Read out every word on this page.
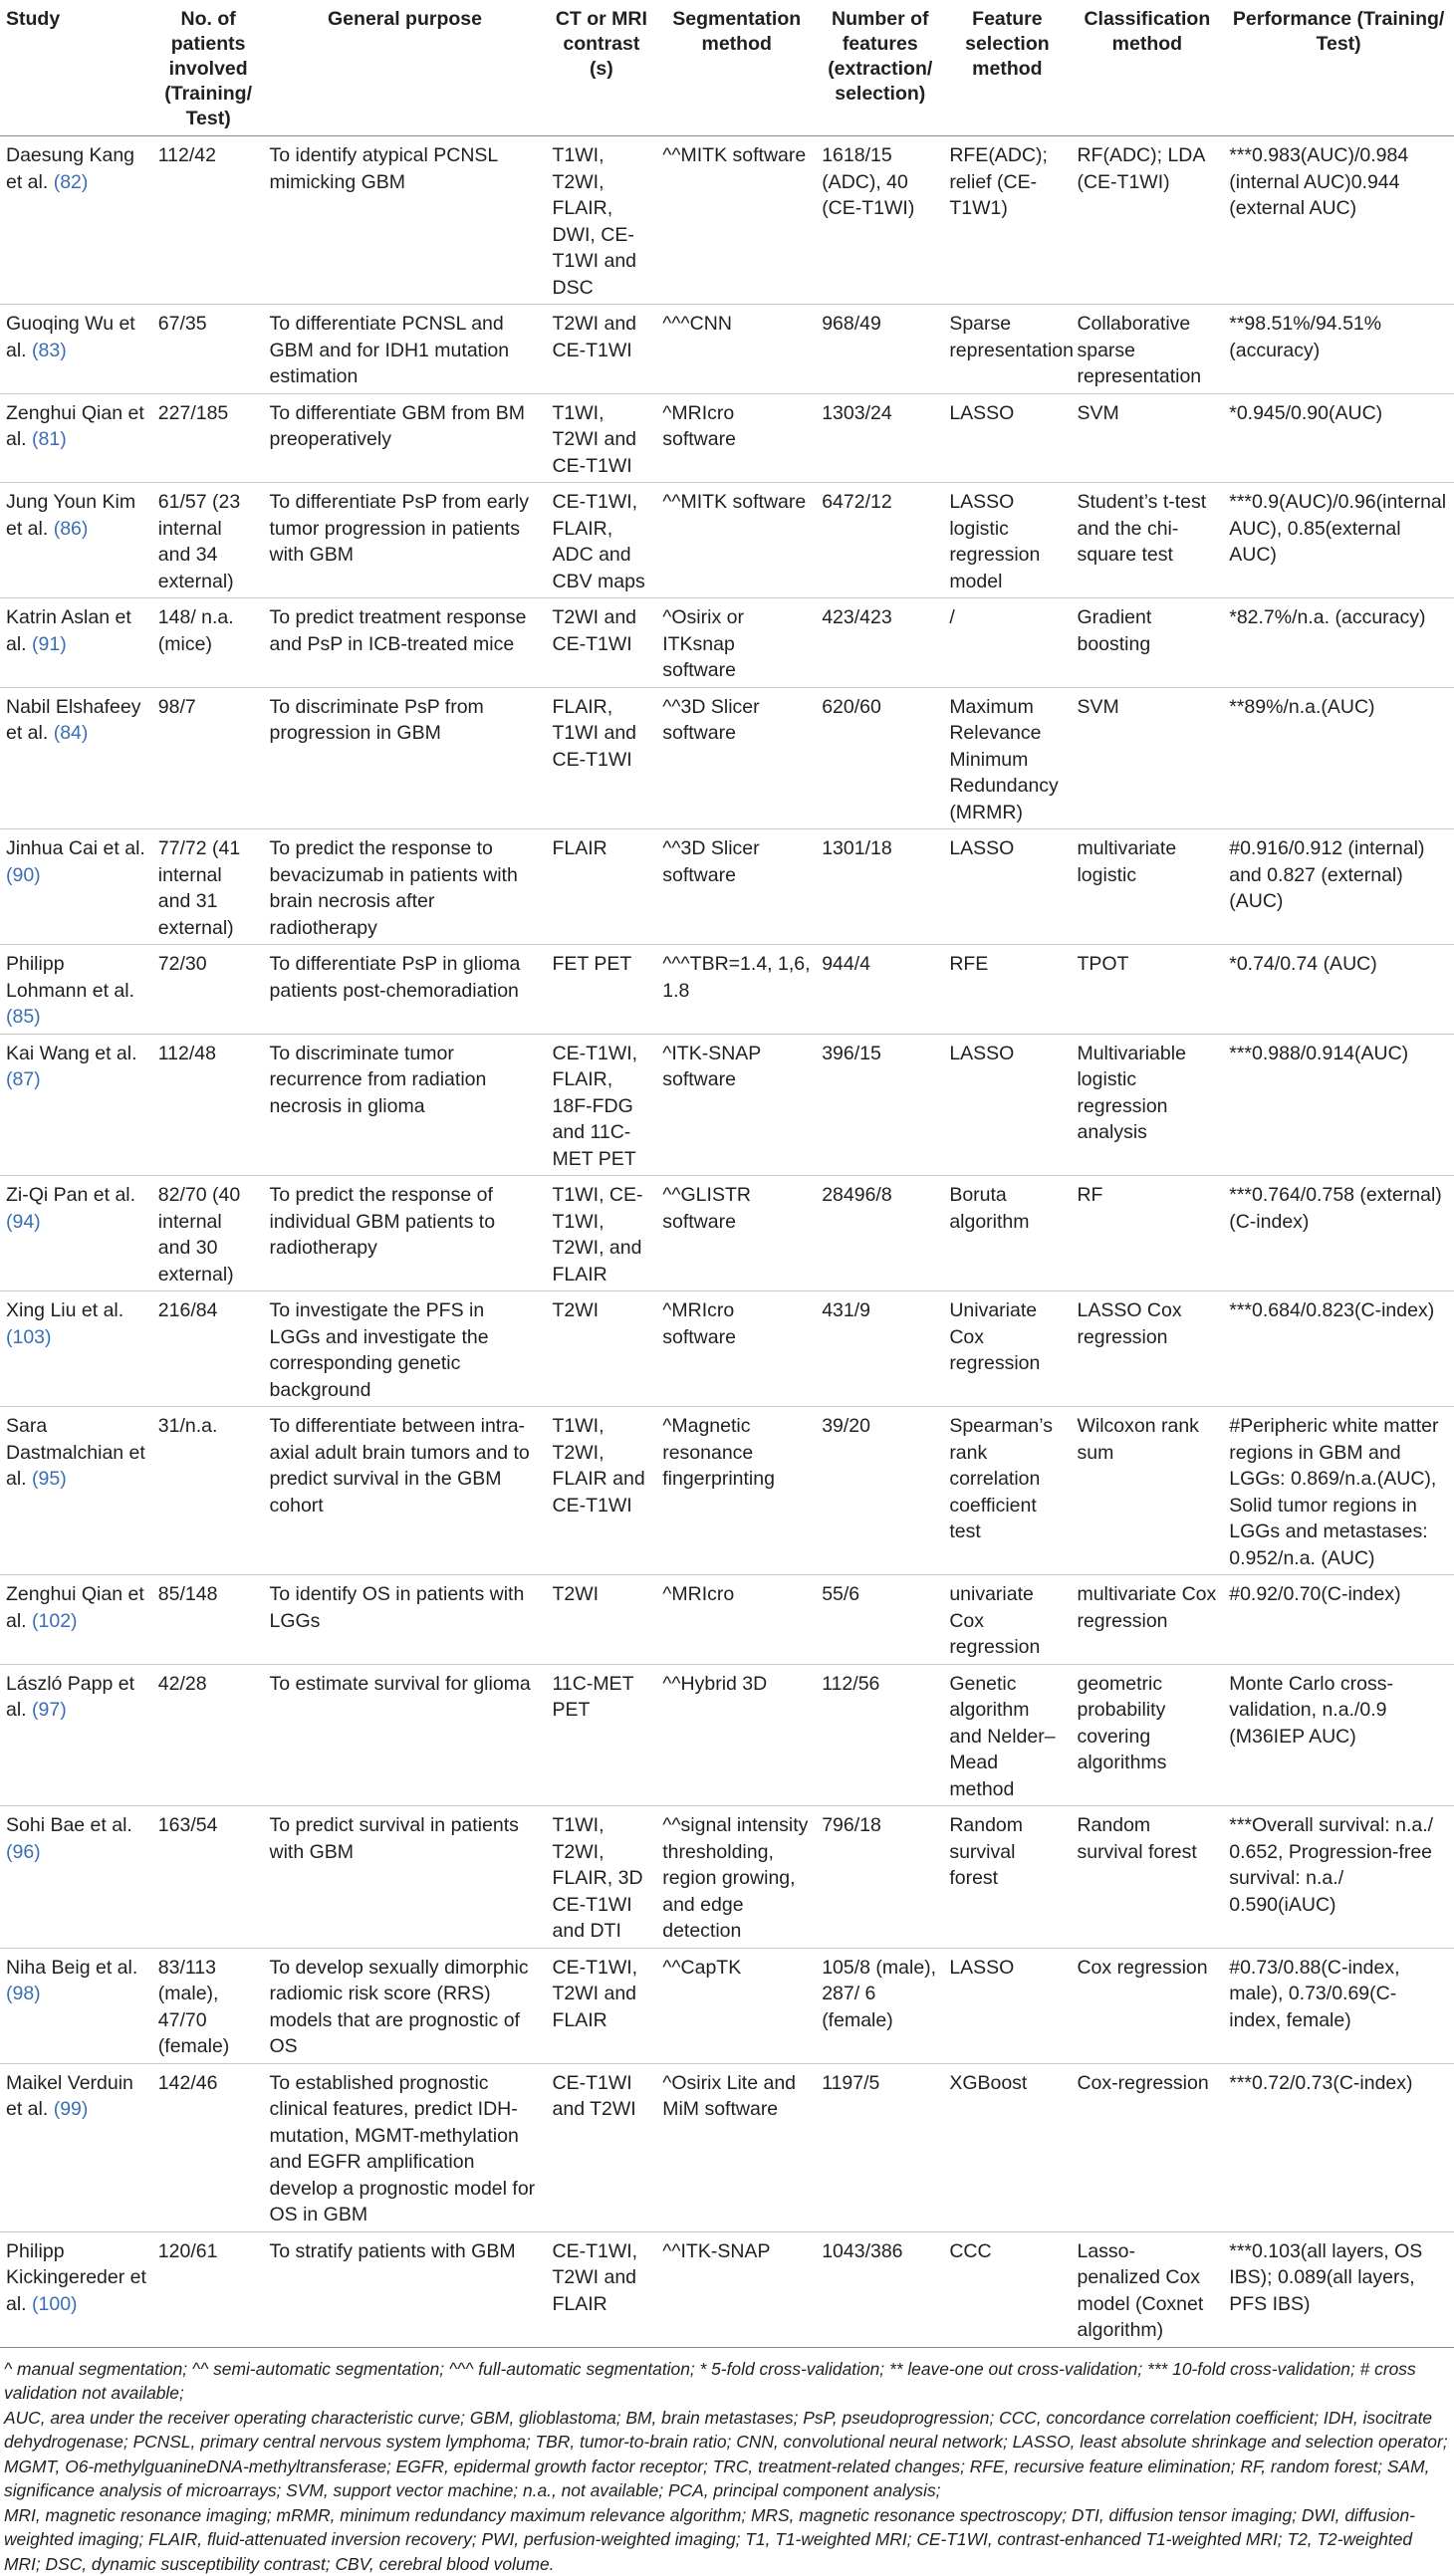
Study	No. of patients involved (Training/ Test)	General purpose	CT or MRI contrast (s)	Segmentation method	Number of features (extraction/ selection)	Feature selection method	Classification method	Performance (Training/ Test)
Daesung Kang et al. (82)	112/42	To identify atypical PCNSL mimicking GBM	T1WI, T2WI, FLAIR, DWI, CE-T1WI and DSC	^^MITK software	1618/15 (ADC), 40 (CE-T1WI)	RFE(ADC); relief (CE-T1W1)	RF(ADC); LDA (CE-T1WI)	***0.983(AUC)/0.984 (internal AUC)0.944 (external AUC)
Guoqing Wu et al. (83)	67/35	To differentiate PCNSL and GBM and for IDH1 mutation estimation	T2WI and CE-T1WI	^^^CNN	968/49	Sparse representation	Collaborative sparse representation	**98.51%/94.51% (accuracy)
Zenghui Qian et al. (81)	227/185	To differentiate GBM from BM preoperatively	T1WI, T2WI and CE-T1WI	^MRIcro software	1303/24	LASSO	SVM	*0.945/0.90(AUC)
Jung Youn Kim et al. (86)	61/57 (23 internal and 34 external)	To differentiate PsP from early tumor progression in patients with GBM	CE-T1WI, FLAIR, ADC and CBV maps	^^MITK software	6472/12	LASSO logistic regression model	Student’s t-test and the chi-square test	***0.9(AUC)/0.96(internal AUC), 0.85(external AUC)
Katrin Aslan et al. (91)	148/ n.a.(mice)	To predict treatment response and PsP in ICB-treated mice	T2WI and CE-T1WI	^Osirix or ITKsnap software	423/423	/	Gradient boosting	*82.7%/n.a. (accuracy)
Nabil Elshafeey et al. (84)	98/7	To discriminate PsP from progression in GBM	FLAIR, T1WI and CE-T1WI	^^3D Slicer software	620/60	Maximum Relevance Minimum Redundancy (MRMR)	SVM	**89%/n.a.(AUC)
Jinhua Cai et al. (90)	77/72 (41 internal and 31 external)	To predict the response to bevacizumab in patients with brain necrosis after radiotherapy	FLAIR	^^3D Slicer software	1301/18	LASSO	multivariate logistic	#0.916/0.912 (internal) and 0.827 (external)(AUC)
Philipp Lohmann et al. (85)	72/30	To differentiate PsP in glioma patients post-chemoradiation	FET PET	^^^TBR=1.4, 1,6, 1.8	944/4	RFE	TPOT	*0.74/0.74 (AUC)
Kai Wang et al. (87)	112/48	To discriminate tumor recurrence from radiation necrosis in glioma	CE-T1WI, FLAIR, 18F-FDG and 11C-MET PET	^ITK-SNAP software	396/15	LASSO	Multivariable logistic regression analysis	***0.988/0.914(AUC)
Zi-Qi Pan et al. (94)	82/70 (40 internal and 30 external)	To predict the response of individual GBM patients to radiotherapy	T1WI, CE-T1WI, T2WI, and FLAIR	^^GLISTR software	28496/8	Boruta algorithm	RF	***0.764/0.758 (external) (C-index)
Xing Liu et al. (103)	216/84	To investigate the PFS in LGGs and investigate the corresponding genetic background	T2WI	^MRIcro software	431/9	Univariate Cox regression	LASSO Cox regression	***0.684/0.823(C-index)
Sara Dastmalchian et al. (95)	31/n.a.	To differentiate between intra-axial adult brain tumors and to predict survival in the GBM cohort	T1WI, T2WI, FLAIR and CE-T1WI	^Magnetic resonance fingerprinting	39/20	Spearman’s rank correlation coefficient test	Wilcoxon rank sum	#Peripheric white matter regions in GBM and LGGs: 0.869/n.a.(AUC), Solid tumor regions in LGGs and metastases: 0.952/n.a. (AUC)
Zenghui Qian et al. (102)	85/148	To identify OS in patients with LGGs	T2WI	^MRIcro	55/6	univariate Cox regression	multivariate Cox regression	#0.92/0.70(C-index)
László Papp et al. (97)	42/28	To estimate survival for glioma	11C-MET PET	^^Hybrid 3D	112/56	Genetic algorithm and Nelder–Mead method	geometric probability covering algorithms	Monte Carlo cross-validation, n.a./0.9 (M36IEP AUC)
Sohi Bae et al. (96)	163/54	To predict survival in patients with GBM	T1WI, T2WI, FLAIR, 3D CE-T1WI and DTI	^^signal intensity thresholding, region growing, and edge detection	796/18	Random survival forest	Random survival forest	***Overall survival: n.a./ 0.652, Progression-free survival: n.a./ 0.590(iAUC)
Niha Beig et al. (98)	83/113 (male), 47/70 (female)	To develop sexually dimorphic radiomic risk score (RRS) models that are prognostic of OS	CE-T1WI, T2WI and FLAIR	^^CapTK	105/8 (male), 287/ 6 (female)	LASSO	Cox regression	#0.73/0.88(C-index, male), 0.73/0.69(C-index, female)
Maikel Verduin et al. (99)	142/46	To established prognostic clinical features, predict IDH-mutation, MGMT-methylation and EGFR amplification develop a prognostic model for OS in GBM	CE-T1WI and T2WI	^Osirix Lite and MiM software	1197/5	XGBoost	Cox-regression	***0.72/0.73(C-index)
Philipp Kickingereder et al. (100)	120/61	To stratify patients with GBM	CE-T1WI, T2WI and FLAIR	^^ITK-SNAP	1043/386	CCC	Lasso-penalized Cox model (Coxnet algorithm)	***0.103(all layers, OS IBS); 0.089(all layers, PFS IBS)

^ manual segmentation; ^^ semi-automatic segmentation; ^^^ full-automatic segmentation; * 5-fold cross-validation; ** leave-one out cross-validation; *** 10-fold cross-validation; # cross validation not available;

AUC, area under the receiver operating characteristic curve; GBM, glioblastoma; BM, brain metastases; PsP, pseudoprogression; CCC, concordance correlation coefficient; IDH, isocitrate dehydrogenase; PCNSL, primary central nervous system lymphoma; TBR, tumor-to-brain ratio; CNN, convolutional neural network; LASSO, least absolute shrinkage and selection operator; MGMT, O6-methylguanineDNA-methyltransferase; EGFR, epidermal growth factor receptor; TRC, treatment-related changes; RFE, recursive feature elimination; RF, random forest; SAM, significance analysis of microarrays; SVM, support vector machine; n.a., not available; PCA, principal component analysis;

MRI, magnetic resonance imaging; mRMR, minimum redundancy maximum relevance algorithm; MRS, magnetic resonance spectroscopy; DTI, diffusion tensor imaging; DWI, diffusion-weighted imaging; FLAIR, fluid-attenuated inversion recovery; PWI, perfusion-weighted imaging; T1, T1-weighted MRI; CE-T1WI, contrast-enhanced T1-weighted MRI; T2, T2-weighted MRI; DSC, dynamic susceptibility contrast; CBV, cerebral blood volume.
